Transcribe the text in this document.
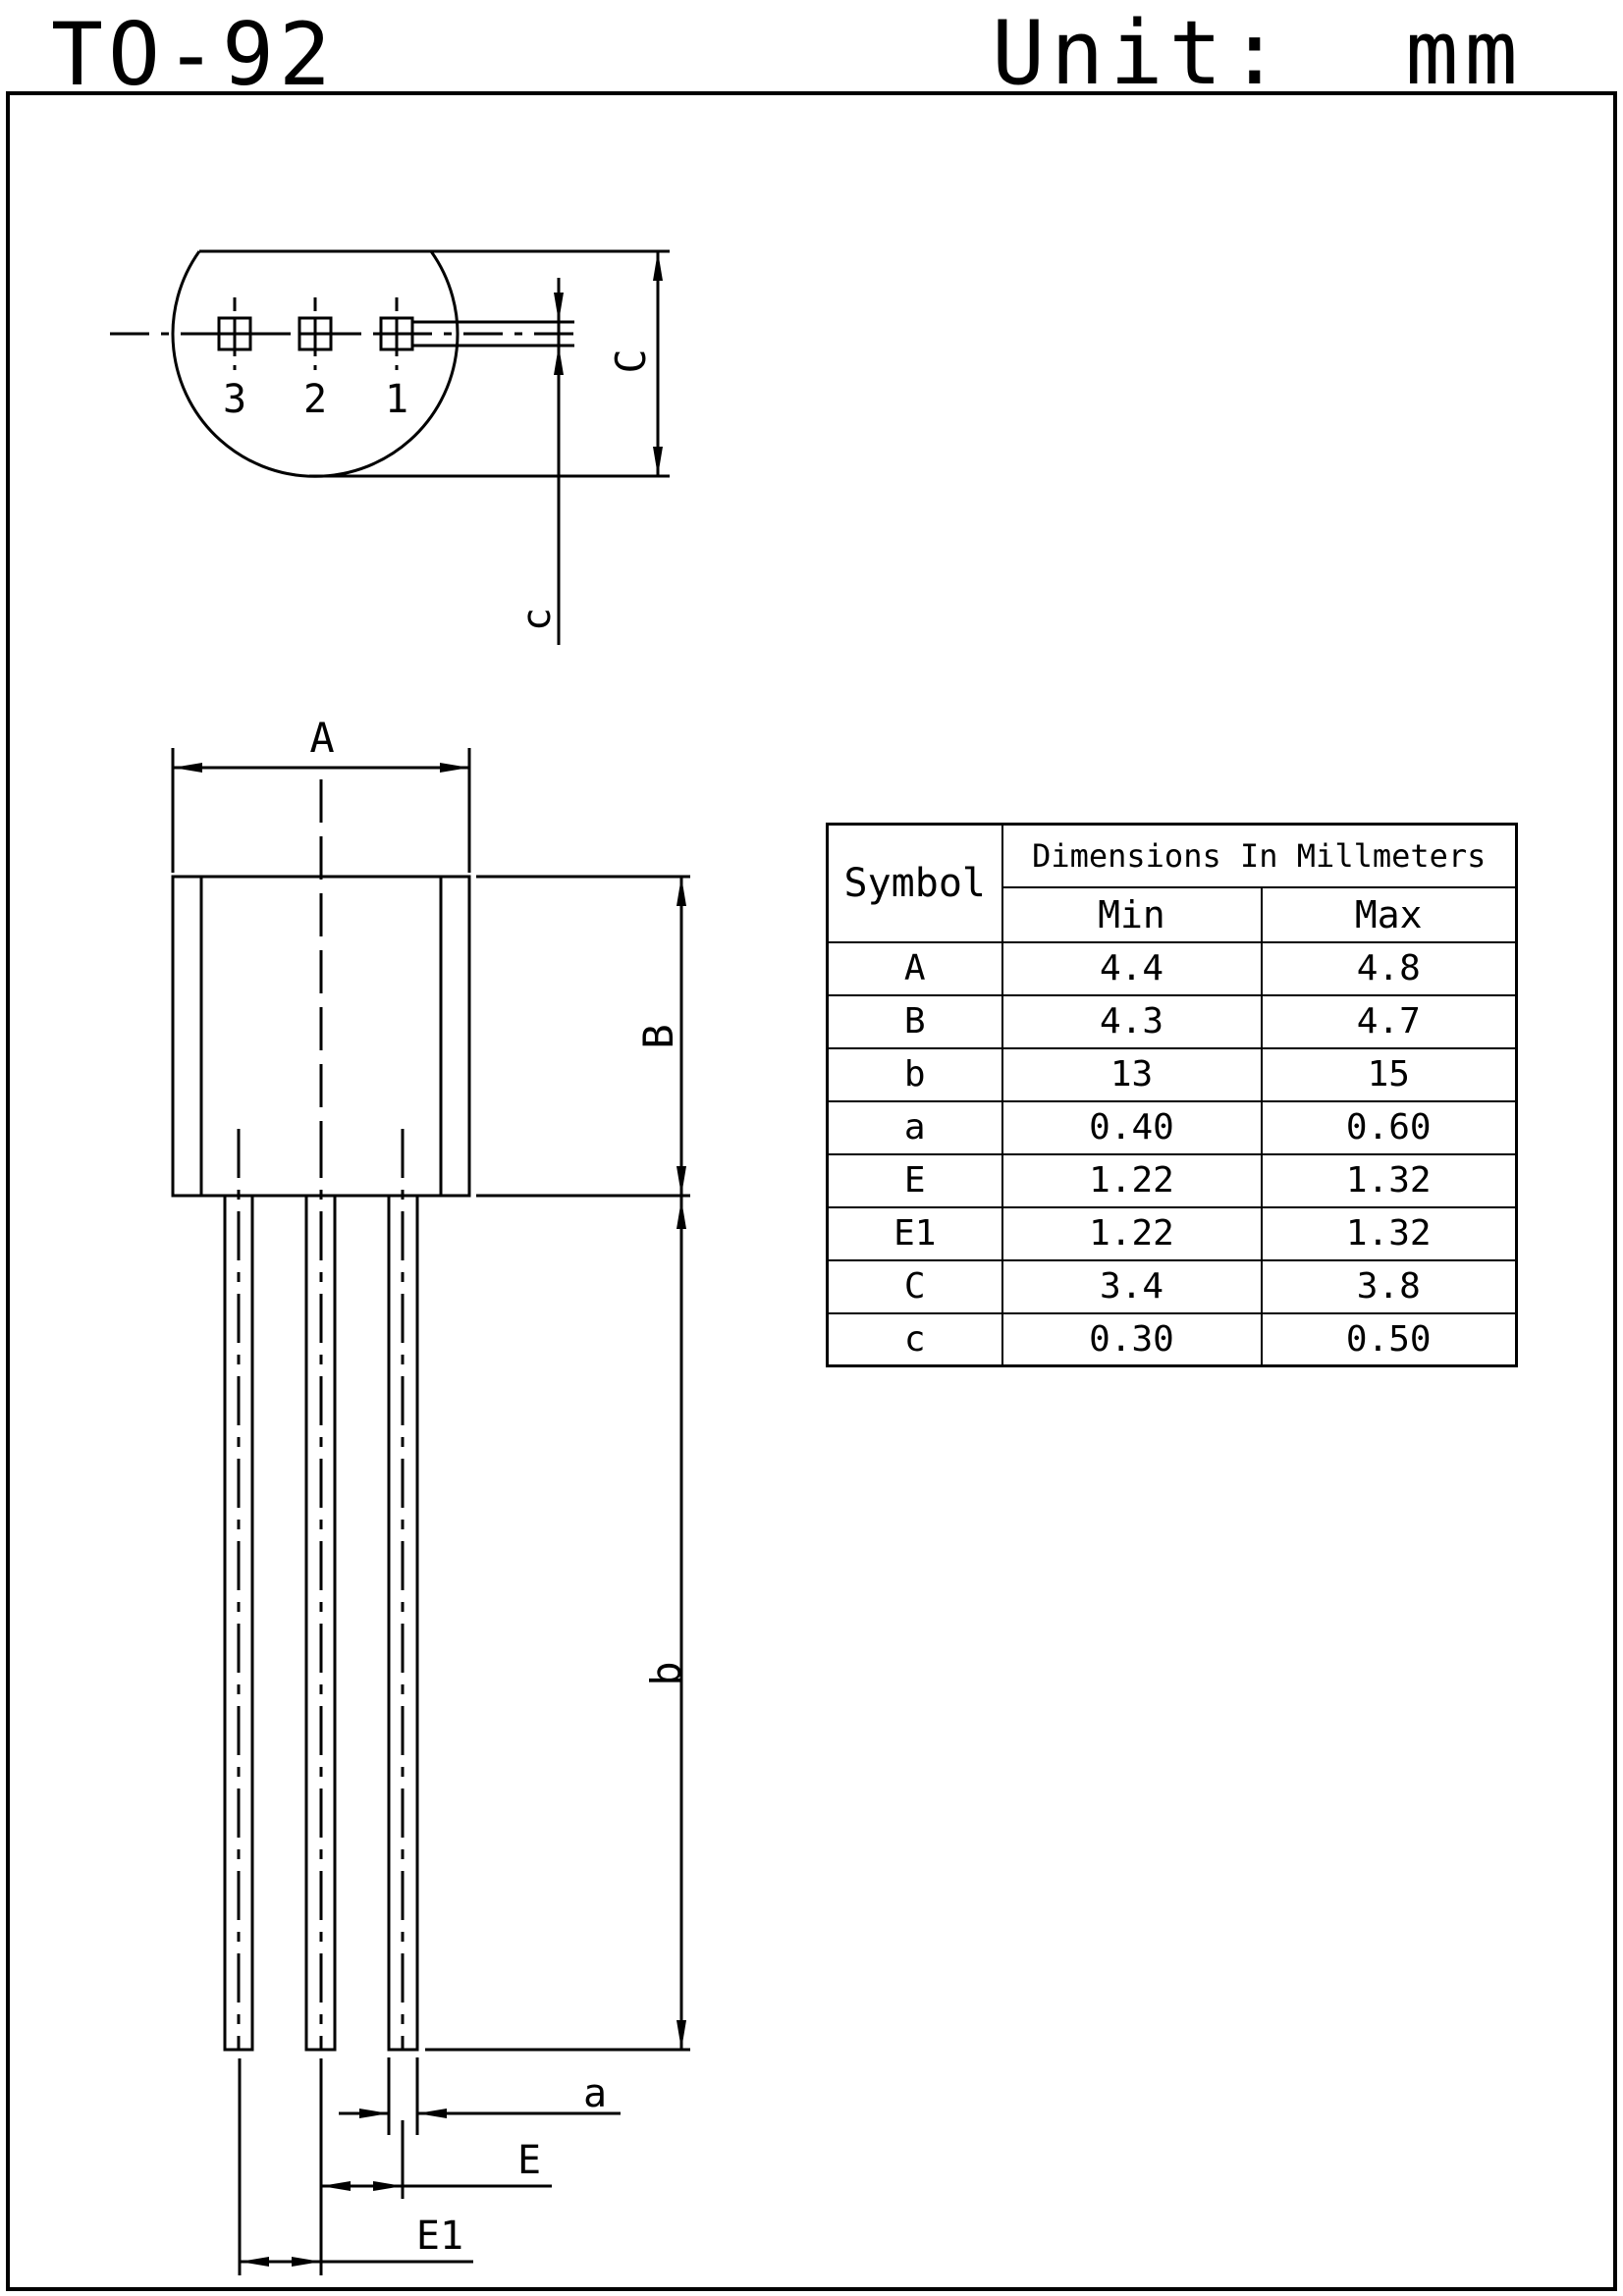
TO-92	Unit:  mm
3 2 1
c
C
A
B
b
a
E
E1
Symbol	Dimensions In Millmeters	
	Min	Max
A	4.4	4.8
B	4.3	4.7
b	13	15
a	0.40	0.60
E	1.22	1.32
E1	1.22	1.32
C	3.4	3.8
c	0.30	0.50
